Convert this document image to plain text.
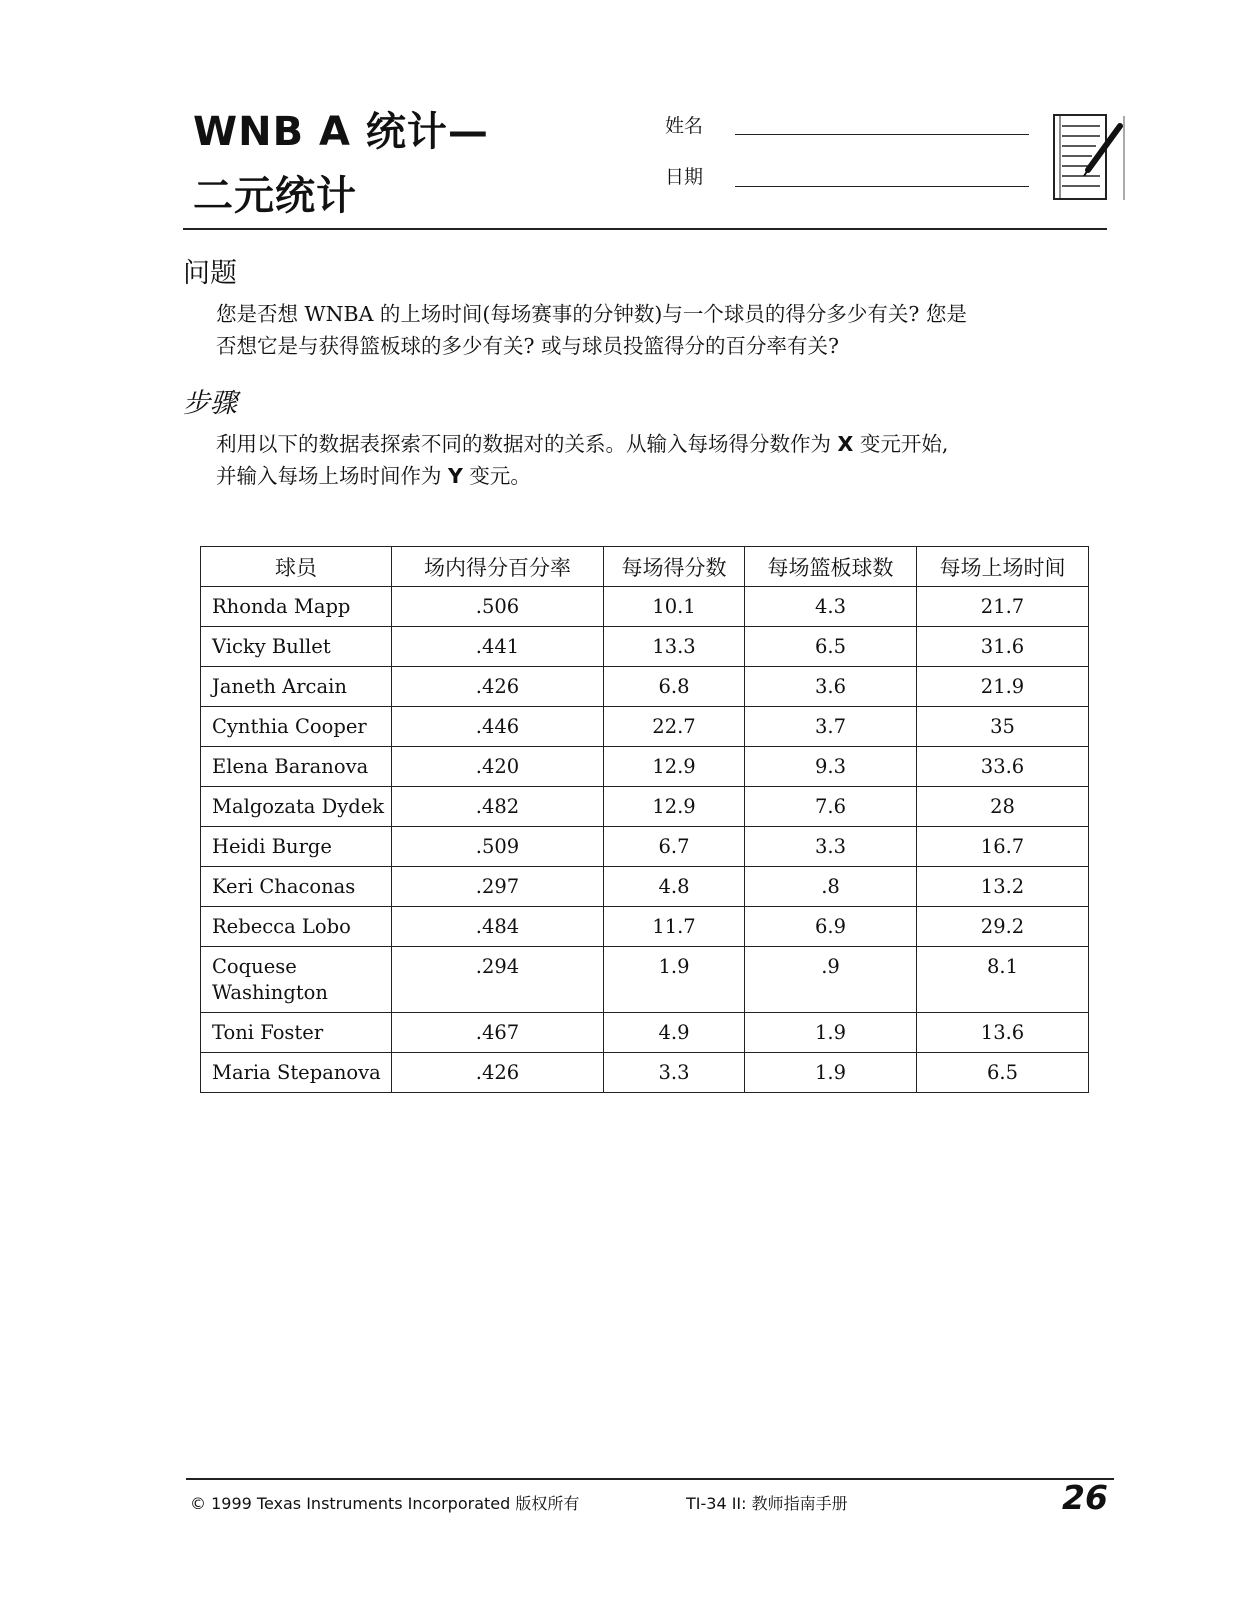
WNB A 统计—
二元统计
姓名
日期
问题
您是否想 WNBA 的上场时间(每场赛事的分钟数)与一个球员的得分多少有关? 您是
否想它是与获得篮板球的多少有关? 或与球员投篮得分的百分率有关?
步骤
利用以下的数据表探索不同的数据对的关系。从输入每场得分数作为 X 变元开始,
并输入每场上场时间作为 Y 变元。
球员	场内得分百分率	每场得分数	每场篮板球数	每场上场时间
Rhonda Mapp	.506	10.1	4.3	21.7
Vicky Bullet	.441	13.3	6.5	31.6
Janeth Arcain	.426	6.8	3.6	21.9
Cynthia Cooper	.446	22.7	3.7	35
Elena Baranova	.420	12.9	9.3	33.6
Malgozata Dydek	.482	12.9	7.6	28
Heidi Burge	.509	6.7	3.3	16.7
Keri Chaconas	.297	4.8	.8	13.2
Rebecca Lobo	.484	11.7	6.9	29.2

Coquese
Washington	.294	1.9	.9	8.1
Toni Foster	.467	4.9	1.9	13.6
Maria Stepanova	.426	3.3	1.9	6.5
© 1999 Texas Instruments Incorporated 版权所有	TI-34 II: 教师指南手册	26
